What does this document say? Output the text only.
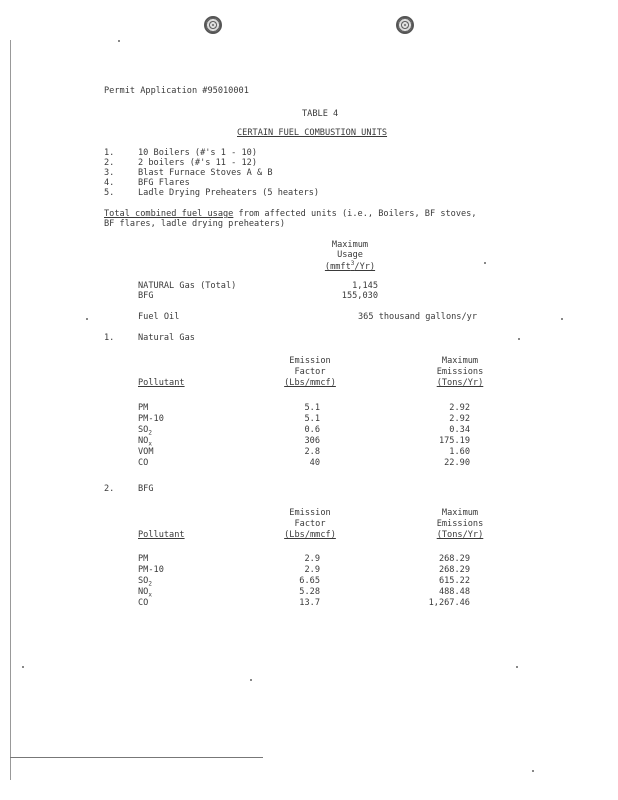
Permit Application #95010001
TABLE 4
CERTAIN FUEL COMBUSTION UNITS
1.	10 Boilers (#'s 1 - 10)
2.	2 boilers (#'s 11 - 12)
3.	Blast Furnace Stoves A & B
4.	BFG Flares
5.	Ladle Drying Preheaters (5 heaters)
Total combined fuel usage from affected units (i.e., Boilers, BF stoves,
BF flares, ladle drying preheaters)
Maximum
Usage
(mmft$^3$/Yr)
NATURAL Gas (Total)	1,145
BFG	155,030
Fuel Oil	365 thousand gallons/yr
1.	Natural Gas
Emission
Factor
(Lbs/mmcf)
Maximum
Emissions
(Tons/Yr)
Pollutant
PM	5.1	2.92
PM-10	5.1	2.92
$SO_2$	0.6	0.34
$NO_x$	306	175.19
VOM	2.8	1.60
CO	40	22.90
2.	BFG
Emission
Factor
(Lbs/mmcf)
Maximum
Emissions
(Tons/Yr)
Pollutant
PM	2.9	268.29
PM-10	2.9	268.29
$SO_2$	6.65	615.22
$NO_x$	5.28	488.48
CO	13.7	1,267.46
